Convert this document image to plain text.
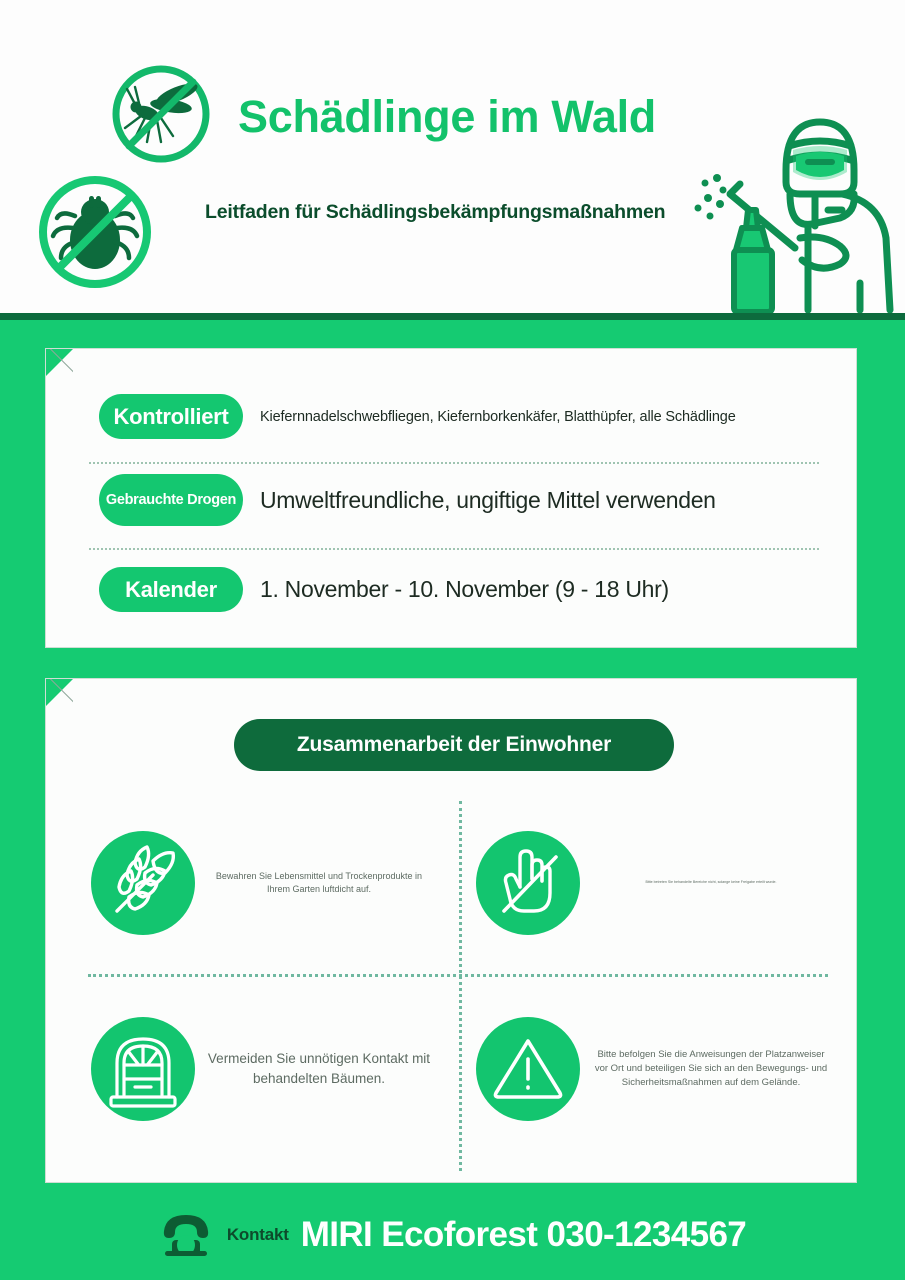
Schädlinge im Wald
Leitfaden für Schädlingsbekämpfungsmaßnahmen
Kontrolliert	Kiefernnadelschwebfliegen, Kiefernborkenkäfer, Blatthüpfer, alle Schädlinge
Gebrauchte Drogen	Umweltfreundliche, ungiftige Mittel verwenden
Kalender	1. November - 10. November (9 - 18 Uhr)
Zusammenarbeit der Einwohner
Bewahren Sie Lebensmittel und Trockenprodukte in Ihrem Garten luftdicht auf.
Bitte betreten Sie behandelte Bereiche nicht, solange keine Freigabe erteilt wurde.
Vermeiden Sie unnötigen Kontakt mit behandelten Bäumen.
Bitte befolgen Sie die Anweisungen der Platzanweiser vor Ort und beteiligen Sie sich an den Bewegungs- und Sicherheitsmaßnahmen auf dem Gelände.
Kontakt MIRI Ecoforest 030-1234567
